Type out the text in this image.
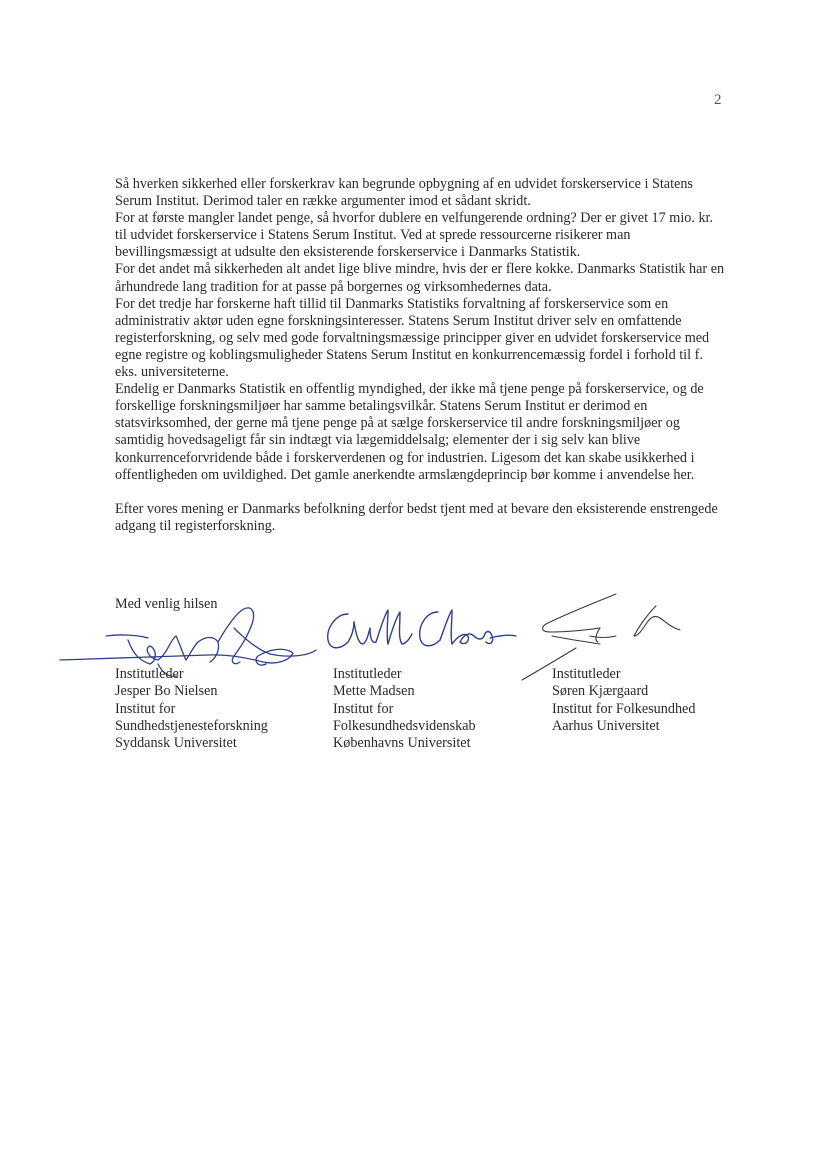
2

Så hverken sikkerhed eller forskerkrav kan begrunde opbygning af en udvidet forskerservice i Statens Serum Institut. Derimod taler en række argumenter imod et sådant skridt.

For at første mangler landet penge, så hvorfor dublere en velfungerende ordning? Der er givet 17 mio. kr. til udvidet forskerservice i Statens Serum Institut. Ved at sprede ressourcerne risikerer man bevillingsmæssigt at udsulte den eksisterende forskerservice i Danmarks Statistik.

For det andet må sikkerheden alt andet lige blive mindre, hvis der er flere kokke. Danmarks Statistik har en århundrede lang tradition for at passe på borgernes og virksomhedernes data.

For det tredje har forskerne haft tillid til Danmarks Statistiks forvaltning af forskerservice som en administrativ aktør uden egne forskningsinteresser. Statens Serum Institut driver selv en omfattende registerforskning, og selv med gode forvaltningsmæssige principper giver en udvidet forskerservice med egne registre og koblingsmuligheder Statens Serum Institut en konkurrencemæssig fordel i forhold til f. eks. universiteterne.

Endelig er Danmarks Statistik en offentlig myndighed, der ikke må tjene penge på forskerservice, og de forskellige forskningsmiljøer har samme betalingsvilkår. Statens Serum Institut er derimod en statsvirksomhed, der gerne må tjene penge på at sælge forskerservice til andre forskningsmiljøer og samtidig hovedsageligt får sin indtægt via lægemiddelsalg; elementer der i sig selv kan blive konkurrenceforvridende både i forskerverdenen og for industrien. Ligesom det kan skabe usikkerhed i offentligheden om uvildighed. Det gamle anerkendte armslængdeprincip bør komme i anvendelse her.

Efter vores mening er Danmarks befolkning derfor bedst tjent med at bevare den eksisterende enstrengede adgang til registerforskning.

Med venlig hilsen
Institutleder
Jesper Bo Nielsen
Institut for
Sundhedstjenesteforskning
Syddansk Universitet
Institutleder
Mette Madsen
Institut for
Folkesundhedsvidenskab
Københavns Universitet
Institutleder
Søren Kjærgaard
Institut for Folkesundhed
Aarhus Universitet
